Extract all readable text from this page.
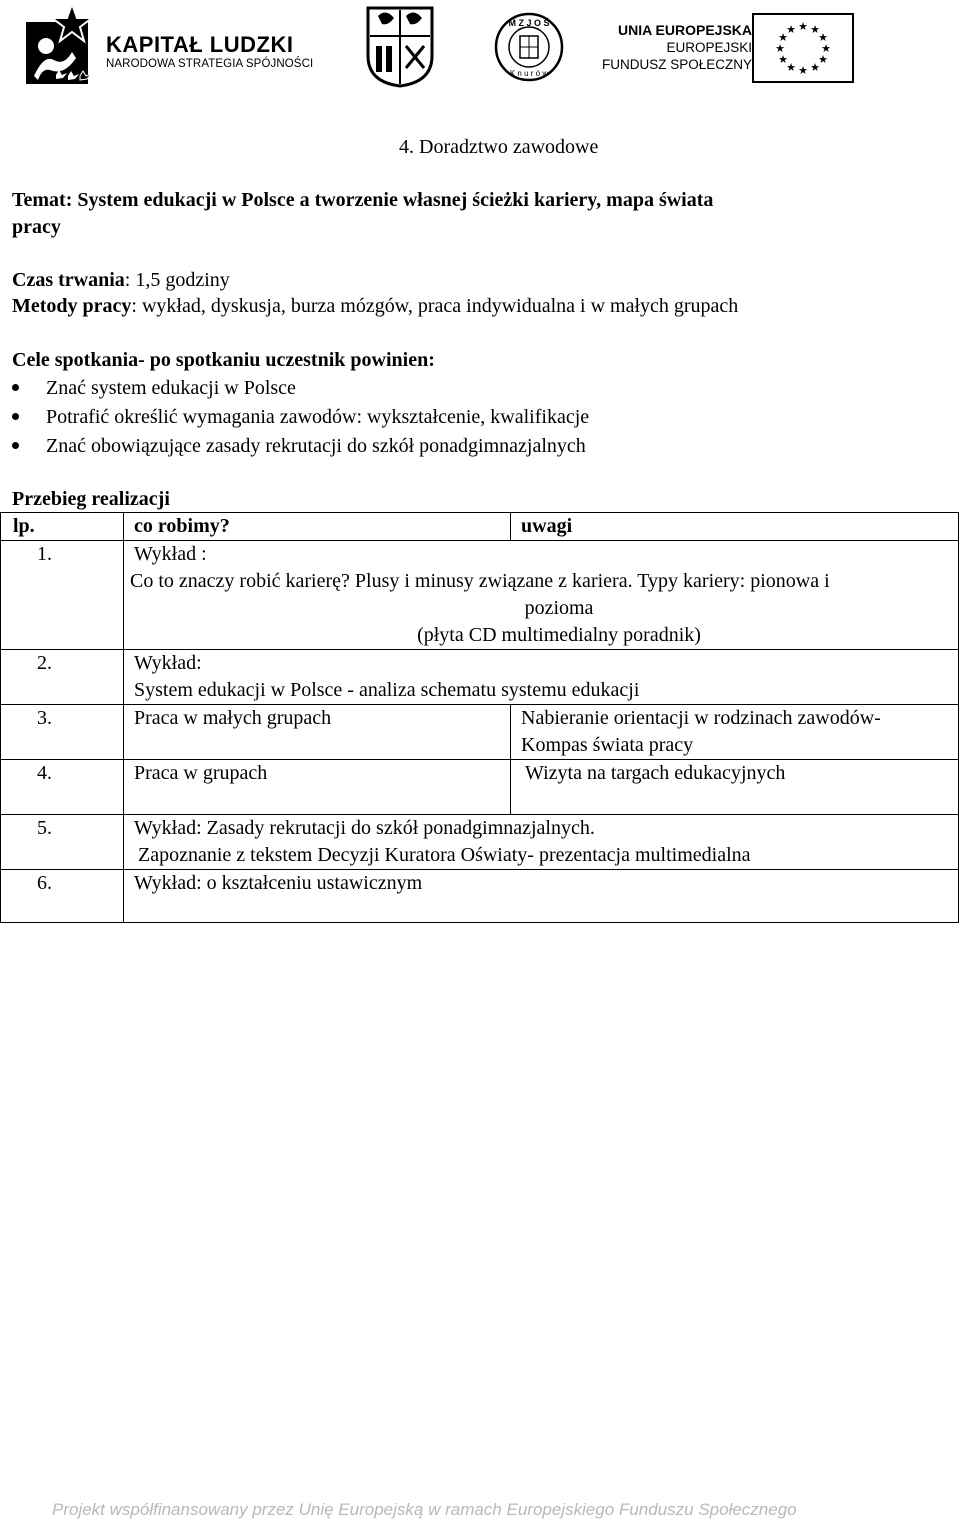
KAPITAŁ LUDZKI
NARODOWA STRATEGIA SPÓJNOŚCI
M Z J O Ś
K n u r ó w
UNIA EUROPEJSKA
EUROPEJSKI
FUNDUSZ SPOŁECZNY
★ ★
★
★
★
★
★
★
★
★
★
★
4. Doradztwo zawodowe
Temat: System edukacji w Polsce a tworzenie własnej ścieżki kariery, mapa świata
pracy
Czas trwania: 1,5 godziny
Metody pracy: wykład, dyskusja, burza mózgów, praca indywidualna i w małych grupach
Cele spotkania- po spotkaniu uczestnik powinien:
Znać system edukacji w Polsce
Potrafić określić wymagania zawodów: wykształcenie, kwalifikacje
Znać obowiązujące zasady rekrutacji do szkół ponadgimnazjalnych
Przebieg realizacji
lp.	co robimy?	uwagi
1.	Wykład :
Co to znaczy robić karierę? Plusy i minusy związane z kariera. Typy kariery: pionowa i
pozioma
(płyta CD multimedialny poradnik)	

2.	Wykład:
System edukacji w Polsce - analiza schematu systemu edukacji	

3.	Praca w małych grupach	Nabieranie orientacji w rodzinach zawodów-
Kompas świata pracy

4.	Praca w grupach	Wizyta na targach edukacyjnych
5.	Wykład: Zasady rekrutacji do szkół ponadgimnazjalnych.
Zapoznanie z tekstem Decyzji Kuratora Oświaty- prezentacja multimedialna	

6.	Wykład: o kształceniu ustawicznym	
Projekt współfinansowany przez Unię Europejską w ramach Europejskiego Funduszu Społecznego
